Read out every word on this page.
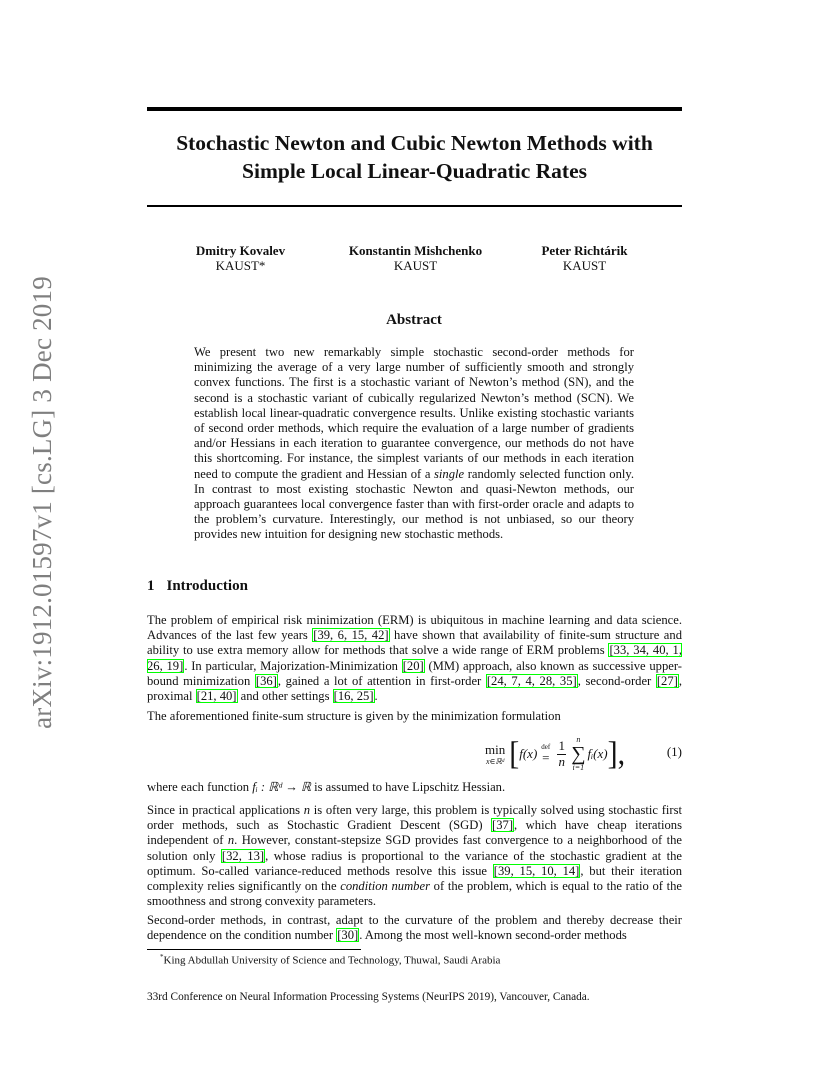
arXiv:1912.01597v1 [cs.LG] 3 Dec 2019
Stochastic Newton and Cubic Newton Methods with
Simple Local Linear-Quadratic Rates
Dmitry Kovalev
KAUST*
Konstantin Mishchenko
KAUST
Peter Richtárik
KAUST
Abstract

We present two new remarkably simple stochastic second-order methods for minimizing the average of a very large number of sufficiently smooth and strongly convex functions. The first is a stochastic variant of Newton’s method (SN), and the second is a stochastic variant of cubically regularized Newton’s method (SCN). We establish local linear-quadratic convergence results. Unlike existing stochastic variants of second order methods, which require the evaluation of a large number of gradients and/or Hessians in each iteration to guarantee convergence, our methods do not have this shortcoming. For instance, the simplest variants of our methods in each iteration need to compute the gradient and Hessian of a single randomly selected function only. In contrast to most existing stochastic Newton and quasi-Newton methods, our approach guarantees local convergence faster than with first-order oracle and adapts to the problem’s curvature. Interestingly, our method is not unbiased, so our theory provides new intuition for designing new stochastic methods.

1 Introduction

The problem of empirical risk minimization (ERM) is ubiquitous in machine learning and data science. Advances of the last few years [39, 6, 15, 42] have shown that availability of finite-sum structure and ability to use extra memory allow for methods that solve a wide range of ERM problems [33, 34, 40, 1, 26, 19]. In particular, Majorization-Minimization [20] (MM) approach, also known as successive upper-bound minimization [36], gained a lot of attention in first-order [24, 7, 4, 28, 35], second-order [27], proximal [21, 40] and other settings [16, 25].

The aforementioned finite-sum structure is given by the minimization formulation

min
x∈ℝᵈ [ f(x) def
= $\frac{1}{n}$ n
∑
i=1
fᵢ(x) ],	(1)

where each function fᵢ : ℝᵈ → ℝ is assumed to have Lipschitz Hessian.

Since in practical applications n is often very large, this problem is typically solved using stochastic first order methods, such as Stochastic Gradient Descent (SGD) [37], which have cheap iterations independent of n. However, constant-stepsize SGD provides fast convergence to a neighborhood of the solution only [32, 13], whose radius is proportional to the variance of the stochastic gradient at the optimum. So-called variance-reduced methods resolve this issue [39, 15, 10, 14], but their iteration complexity relies significantly on the condition number of the problem, which is equal to the ratio of the smoothness and strong convexity parameters.

Second-order methods, in contrast, adapt to the curvature of the problem and thereby decrease their dependence on the condition number [30]. Among the most well-known second-order methods

*King Abdullah University of Science and Technology, Thuwal, Saudi Arabia

33rd Conference on Neural Information Processing Systems (NeurIPS 2019), Vancouver, Canada.
